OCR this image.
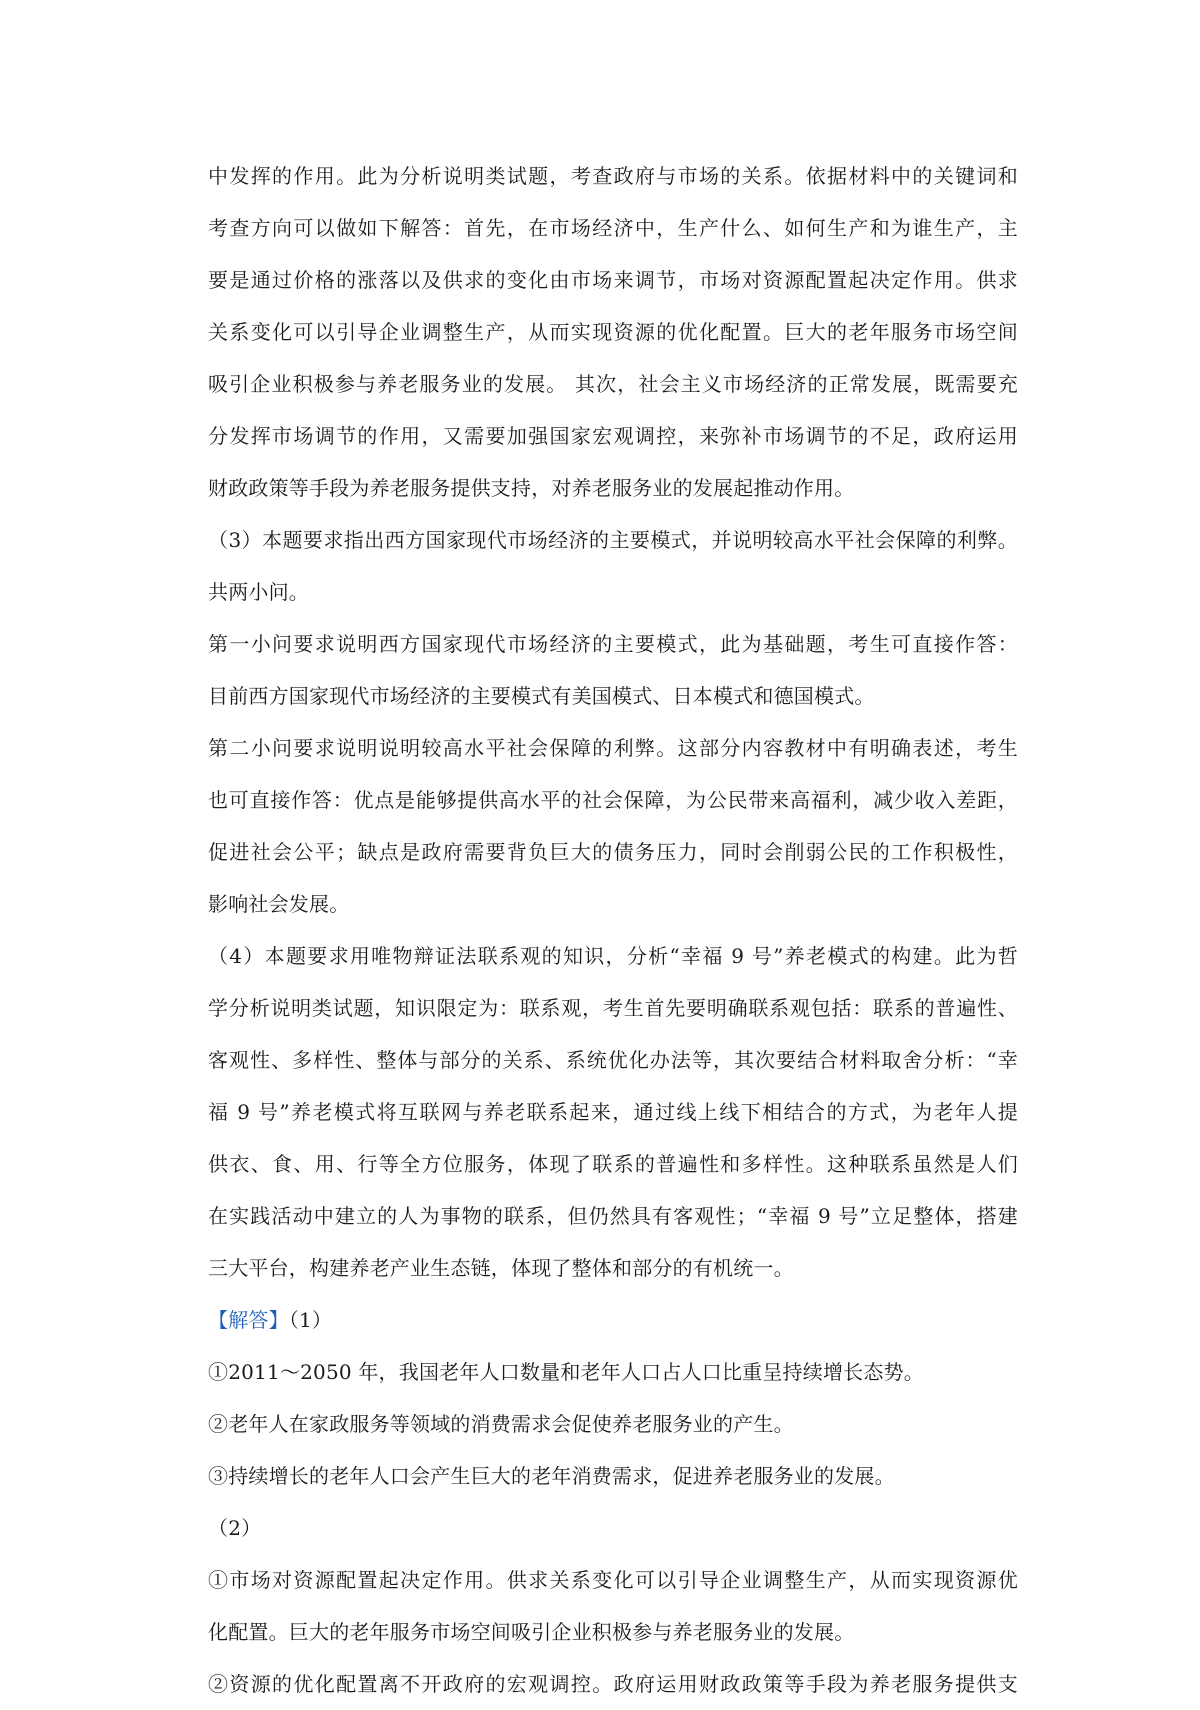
中发挥的作用。此为分析说明类试题，考查政府与市场的关系。依据材料中的关键词和
考查方向可以做如下解答：首先，在市场经济中，生产什么、如何生产和为谁生产，主
要是通过价格的涨落以及供求的变化由市场来调节，市场对资源配置起决定作用。供求
关系变化可以引导企业调整生产，从而实现资源的优化配置。巨大的老年服务市场空间
吸引企业积极参与养老服务业的发展。 其次，社会主义市场经济的正常发展，既需要充
分发挥市场调节的作用，又需要加强国家宏观调控，来弥补市场调节的不足，政府运用
财政政策等手段为养老服务提供支持，对养老服务业的发展起推动作用。
（3）本题要求指出西方国家现代市场经济的主要模式，并说明较高水平社会保障的利弊。
共两小问。
第一小问要求说明西方国家现代市场经济的主要模式，此为基础题，考生可直接作答：
目前西方国家现代市场经济的主要模式有美国模式、日本模式和德国模式。
第二小问要求说明说明较高水平社会保障的利弊。这部分内容教材中有明确表述，考生
也可直接作答：优点是能够提供高水平的社会保障，为公民带来高福利，减少收入差距，
促进社会公平；缺点是政府需要背负巨大的债务压力，同时会削弱公民的工作积极性，
影响社会发展。
（4）本题要求用唯物辩证法联系观的知识，分析“幸福 9 号”养老模式的构建。此为哲
学分析说明类试题，知识限定为：联系观，考生首先要明确联系观包括：联系的普遍性、
客观性、多样性、整体与部分的关系、系统优化办法等，其次要结合材料取舍分析：“幸
福 9 号”养老模式将互联网与养老联系起来，通过线上线下相结合的方式，为老年人提
供衣、食、用、行等全方位服务，体现了联系的普遍性和多样性。这种联系虽然是人们
在实践活动中建立的人为事物的联系，但仍然具有客观性；“幸福 9 号”立足整体，搭建
三大平台，构建养老产业生态链，体现了整体和部分的有机统一。
【解答】（1）
①2011～2050 年，我国老年人口数量和老年人口占人口比重呈持续增长态势。
②老年人在家政服务等领域的消费需求会促使养老服务业的产生。
③持续增长的老年人口会产生巨大的老年消费需求，促进养老服务业的发展。
（2）
①市场对资源配置起决定作用。供求关系变化可以引导企业调整生产，从而实现资源优
化配置。巨大的老年服务市场空间吸引企业积极参与养老服务业的发展。
②资源的优化配置离不开政府的宏观调控。政府运用财政政策等手段为养老服务提供支
